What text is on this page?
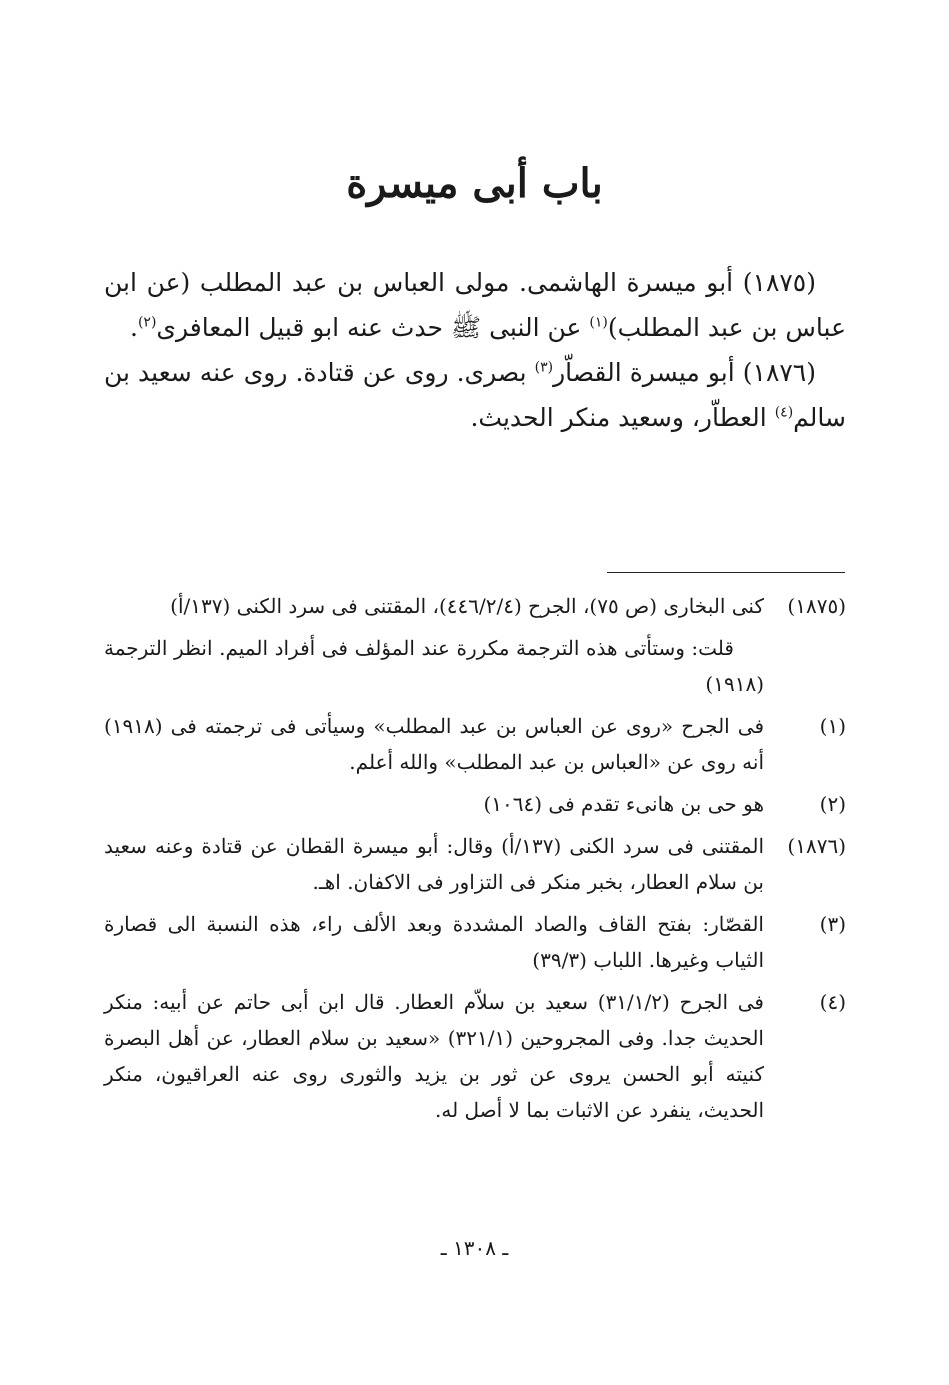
باب أبى ميسرة

(١٨٧٥) أبو ميسرة الهاشمى. مولى العباس بن عبد المطلب (عن ابن عباس بن عبد المطلب)$^{(١)}$ عن النبى ﷺ حدث عنه ابو قبيل المعافرى$^{(٢)}$.

(١٨٧٦) أبو ميسرة القصاّر$^{(٣)}$ بصرى. روى عن قتادة. روى عنه سعيد بن سالم$^{(٤)}$ العطاّر، وسعيد منكر الحديث.

(١٨٧٥)
كنى البخارى (ص ٧٥)، الجرح (٤٤٦/٢/٤)، المقتنى فى سرد الكنى (١٣٧/أ)
قلت: وستأتى هذه الترجمة مكررة عند المؤلف فى أفراد الميم. انظر الترجمة (١٩١٨)
(١)
فى الجرح «روى عن العباس بن عبد المطلب» وسيأتى فى ترجمته فى (١٩١٨) أنه روى عن «العباس بن عبد المطلب» والله أعلم.
(٢)
هو حى بن هانىء تقدم فى (١٠٦٤)
(١٨٧٦)
المقتنى فى سرد الكنى (١٣٧/أ) وقال: أبو ميسرة القطان عن قتادة وعنه سعيد بن سلام العطار، بخبر منكر فى التزاور فى الاكفان. اهـ.
(٣)
القصّار: بفتح القاف والصاد المشددة وبعد الألف راء، هذه النسبة الى قصارة الثياب وغيرها. اللباب (٣٩/٣)
(٤)
فى الجرح (٣١/١/٢) سعيد بن سلاّم العطار. قال ابن أبى حاتم عن أبيه: منكر الحديث جدا. وفى المجروحين (٣٢١/١) «سعيد بن سلام العطار، عن أهل البصرة كنيته أبو الحسن يروى عن ثور بن يزيد والثورى روى عنه العراقيون، منكر الحديث، ينفرد عن الاثبات بما لا أصل له.
ـ ١٣٠٨ ـ
